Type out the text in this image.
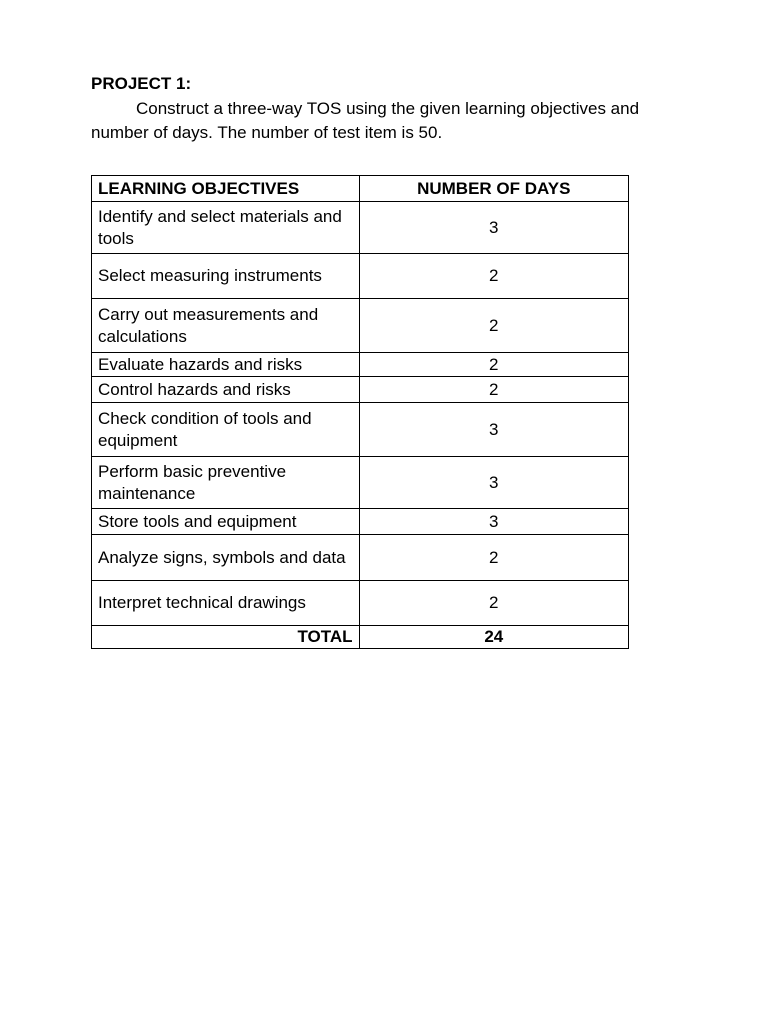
PROJECT 1:

Construct a three-way TOS using the given learning objectives and number of days. The number of test item is 50.

LEARNING OBJECTIVES	NUMBER OF DAYS
Identify and select materials and tools	3
Select measuring instruments	2
Carry out measurements and calculations	2
Evaluate hazards and risks	2
Control hazards and risks	2
Check condition of tools and equipment	3
Perform basic preventive maintenance	3
Store tools and equipment	3
Analyze signs, symbols and data	2
Interpret technical drawings	2
TOTAL	24
